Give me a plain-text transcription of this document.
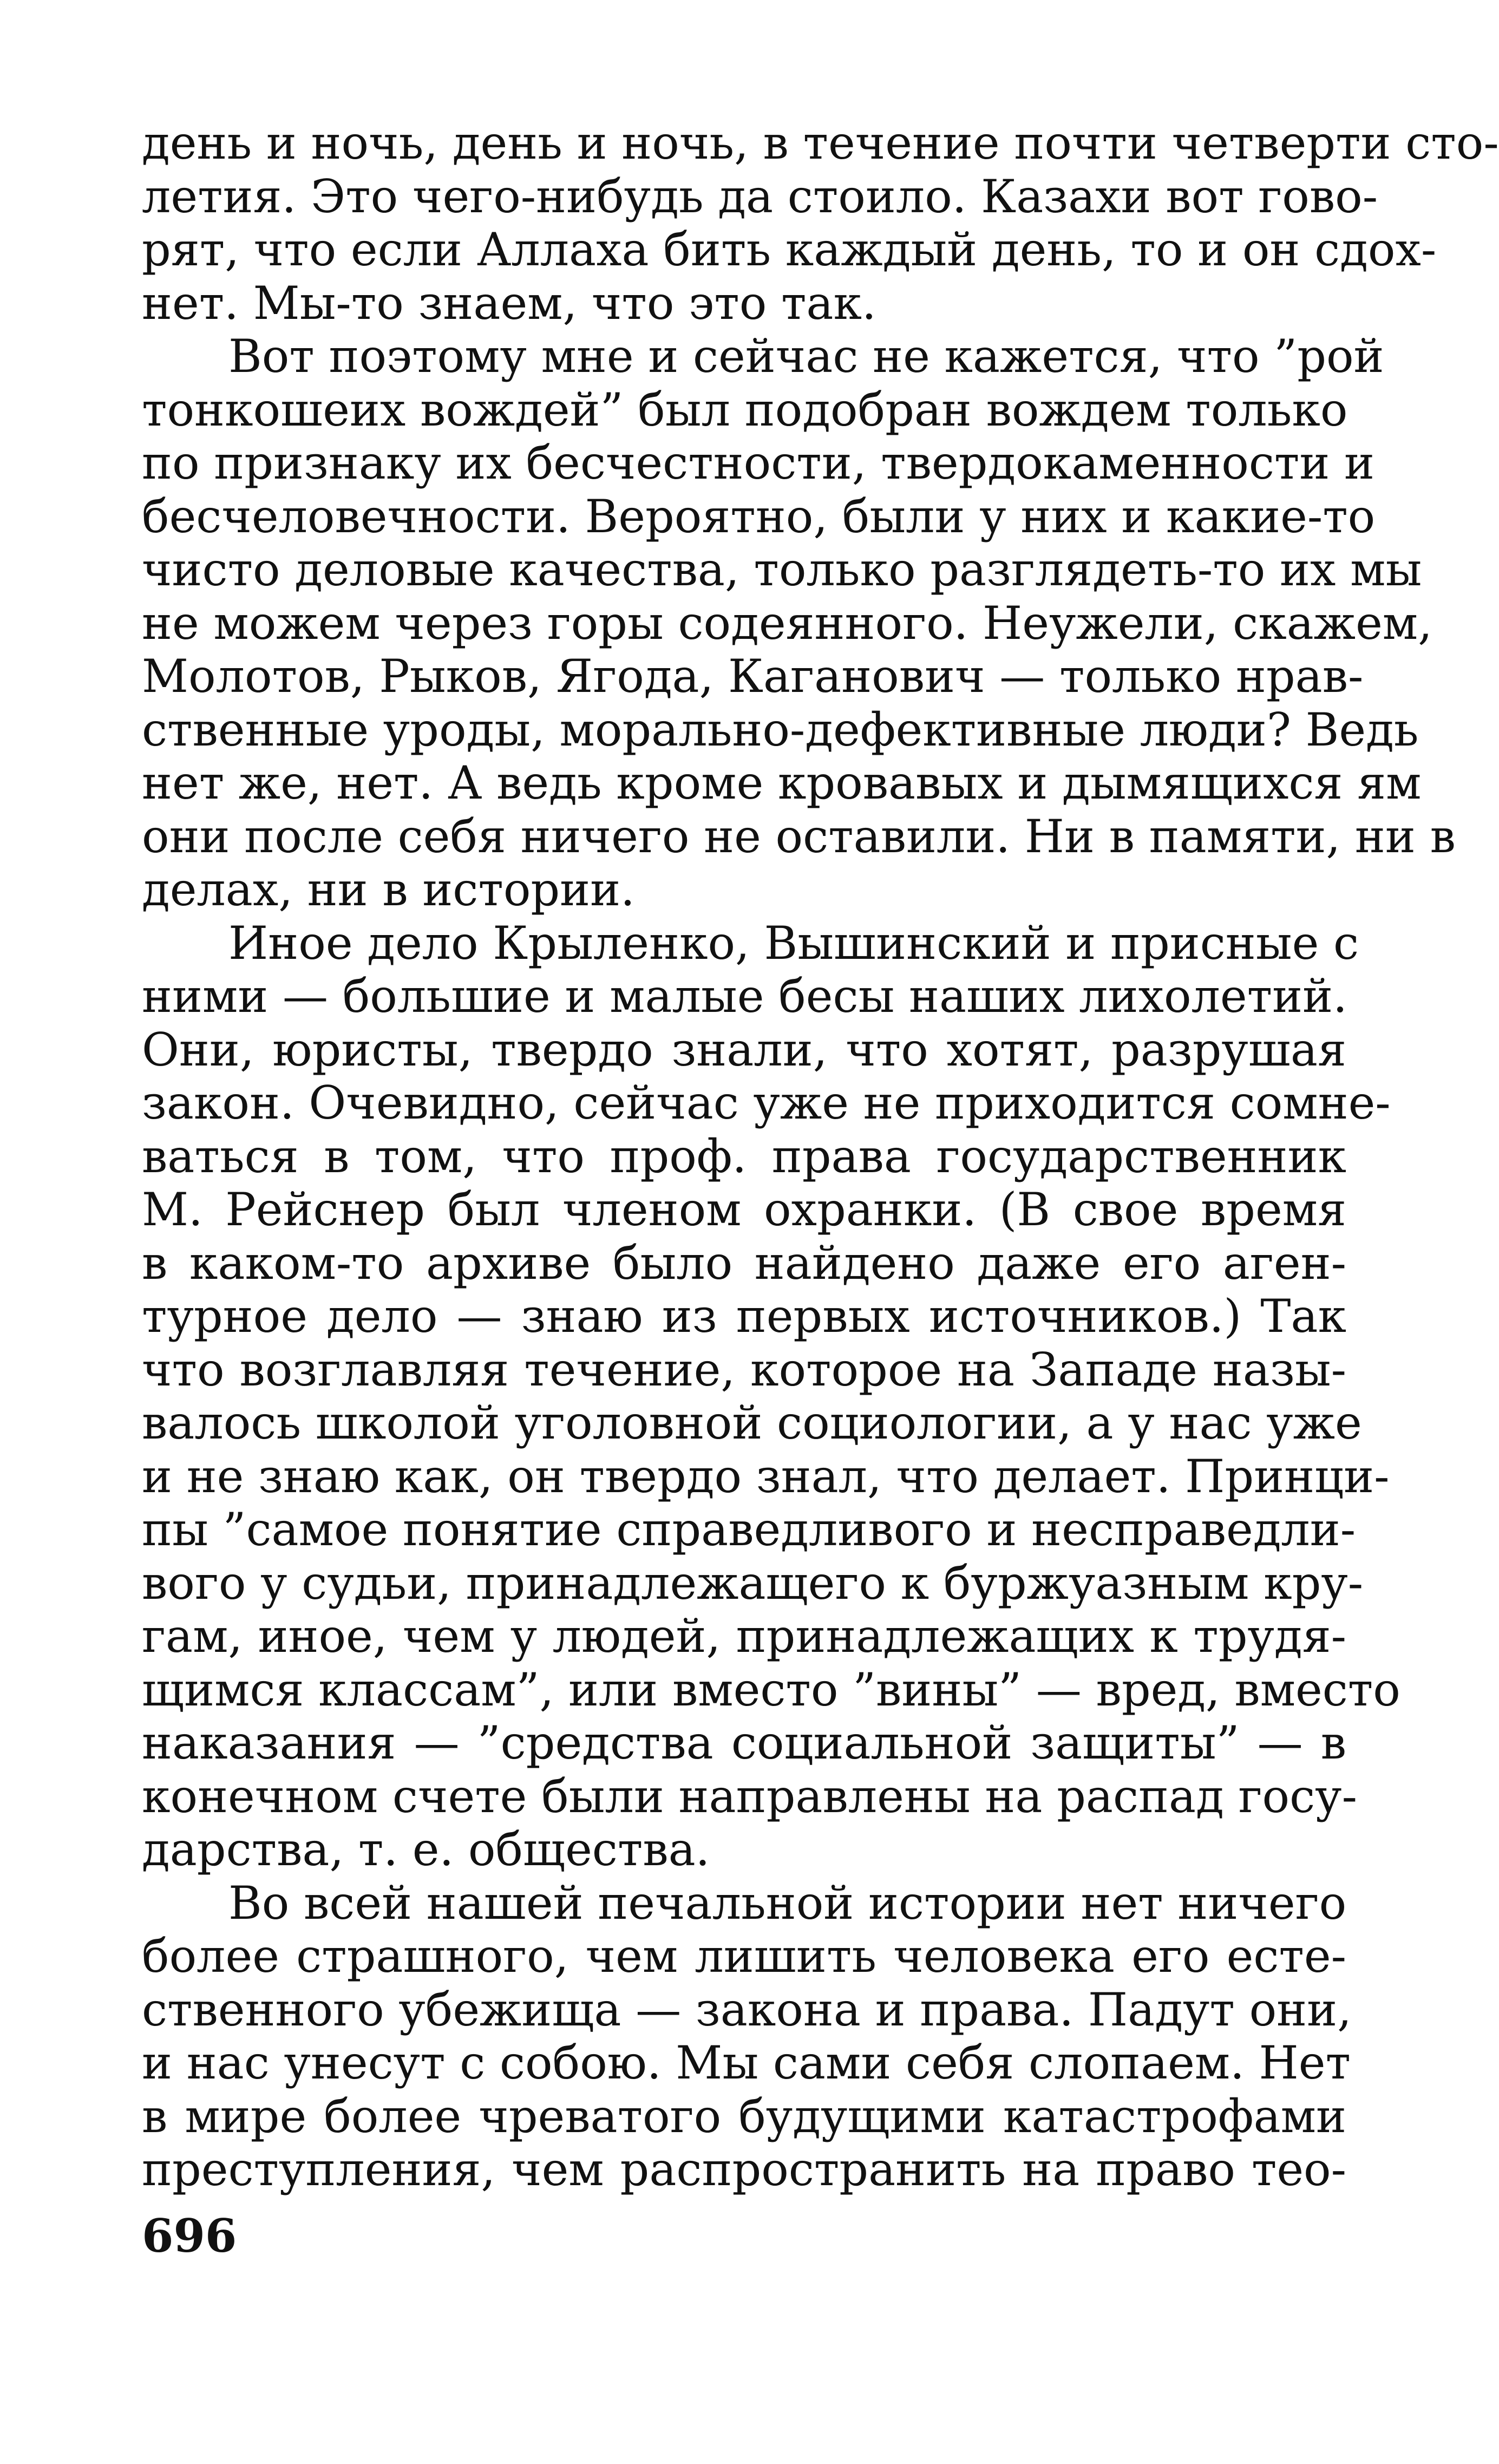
день и ночь, день и ночь, в течение почти четверти сто-
летия. Это чего-нибудь да стоило. Казахи вот гово-
рят, что если Аллаха бить каждый день, то и он сдох-
нет. Мы-то знаем, что это так.
Вот поэтому мне и сейчас не кажется, что ”рой
тонкошеих вождей” был подобран вождем только
по признаку их бесчестности, твердокаменности и
бесчеловечности. Вероятно, были у них и какие-то
чисто деловые качества, только разглядеть-то их мы
не можем через горы содеянного. Неужели, скажем,
Молотов, Рыков, Ягода, Каганович — только нрав-
ственные уроды, морально-дефективные люди? Ведь
нет же, нет. А ведь кроме кровавых и дымящихся ям
они после себя ничего не оставили. Ни в памяти, ни в
делах, ни в истории.
Иное дело Крыленко, Вышинский и присные с
ними — большие и малые бесы наших лихолетий.
Они, юристы, твердо знали, что хотят, разрушая
закон. Очевидно, сейчас уже не приходится сомне-
ваться в том, что проф. права государственник
М. Рейснер был членом охранки. (В свое время
в каком-то архиве было найдено даже его аген-
турное дело — знаю из первых источников.) Так
что возглавляя течение, которое на Западе назы-
валось школой уголовной социологии, а у нас уже
и не знаю как, он твердо знал, что делает. Принци-
пы ”самое понятие справедливого и несправедли-
вого у судьи, принадлежащего к буржуазным кру-
гам, иное, чем у людей, принадлежащих к трудя-
щимся классам”, или вместо ”вины” — вред, вместо
наказания — ”средства социальной защиты” — в
конечном счете были направлены на распад госу-
дарства, т. е. общества.
Во всей нашей печальной истории нет ничего
более страшного, чем лишить человека его есте-
ственного убежища — закона и права. Падут они,
и нас унесут с собою. Мы сами себя слопаем. Нет
в мире более чреватого будущими катастрофами
преступления, чем распространить на право тео-
696
